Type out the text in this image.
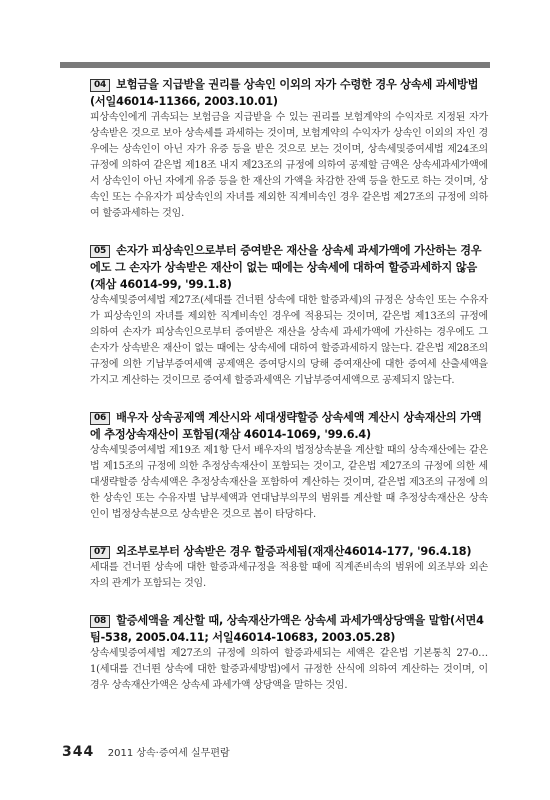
04 보험금을 지급받을 권리를 상속인 이외의 자가 수령한 경우 상속세 과세방법 (서일46014-11366, 2003.10.01)
피상속인에게 귀속되는 보험금을 지급받을 수 있는 권리를 보험계약의 수익자로 지정된 자가 상속받은 것으로 보아 상속세를 과세하는 것이며, 보험계약의 수익자가 상속인 이외의 자인 경우에는 상속인이 아닌 자가 유증 등을 받은 것으로 보는 것이며, 상속세및증여세법 제24조의 규정에 의하여 같은법 제18조 내지 제23조의 규정에 의하여 공제할 금액은 상속세과세가액에서 상속인이 아닌 자에게 유증 등을 한 재산의 가액을 차감한 잔액 등을 한도로 하는 것이며, 상속인 또는 수유자가 피상속인의 자녀를 제외한 직계비속인 경우 같은법 제27조의 규정에 의하여 할증과세하는 것임.
05 손자가 피상속인으로부터 증여받은 재산을 상속세 과세가액에 가산하는 경우에도 그 손자가 상속받은 재산이 없는 때에는 상속세에 대하여 할증과세하지 않음 (재삼 46014-99, '99.1.8)
상속세및증여세법 제27조(세대를 건너뛴 상속에 대한 할증과세)의 규정은 상속인 또는 수유자가 피상속인의 자녀를 제외한 직계비속인 경우에 적용되는 것이며, 같은법 제13조의 규정에 의하여 손자가 피상속인으로부터 증여받은 재산을 상속세 과세가액에 가산하는 경우에도 그 손자가 상속받은 재산이 없는 때에는 상속세에 대하여 할증과세하지 않는다. 같은법 제28조의 규정에 의한 기납부증여세액 공제액은 증여당시의 당해 증여재산에 대한 증여세 산출세액을 가지고 계산하는 것이므로 증여세 할증과세액은 기납부증여세액으로 공제되지 않는다.
06 배우자 상속공제액 계산시와 세대생략할증 상속세액 계산시 상속재산의 가액에 추정상속재산이 포함됨(재삼 46014-1069, '99.6.4)
상속세및증여세법 제19조 제1항 단서 배우자의 법정상속분을 계산할 때의 상속재산에는 같은법 제15조의 규정에 의한 추정상속재산이 포함되는 것이고, 같은법 제27조의 규정에 의한 세대생략할증 상속세액은 추정상속재산을 포함하여 계산하는 것이며, 같은법 제3조의 규정에 의한 상속인 또는 수유자별 납부세액과 연대납부의무의 범위를 계산할 때 추정상속재산은 상속인이 법정상속분으로 상속받은 것으로 봄이 타당하다.
07 외조부로부터 상속받은 경우 할증과세됨(재재산46014-177, '96.4.18)
세대를 건너뛴 상속에 대한 할증과세규정을 적용할 때에 직계존비속의 범위에 외조부와 외손자의 관계가 포함되는 것임.
08 할증세액을 계산할 때, 상속재산가액은 상속세 과세가액상당액을 말함(서면4팀-538, 2005.04.11; 서일46014-10683, 2003.05.28)
상속세및증여세법 제27조의 규정에 의하여 할증과세되는 세액은 같은법 기본통칙 27-0…1(세대를 건너뛴 상속에 대한 할증과세방법)에서 규정한 산식에 의하여 계산하는 것이며, 이 경우 상속재산가액은 상속세 과세가액 상당액을 말하는 것임.
344 2011 상속·증여세 실무편람
